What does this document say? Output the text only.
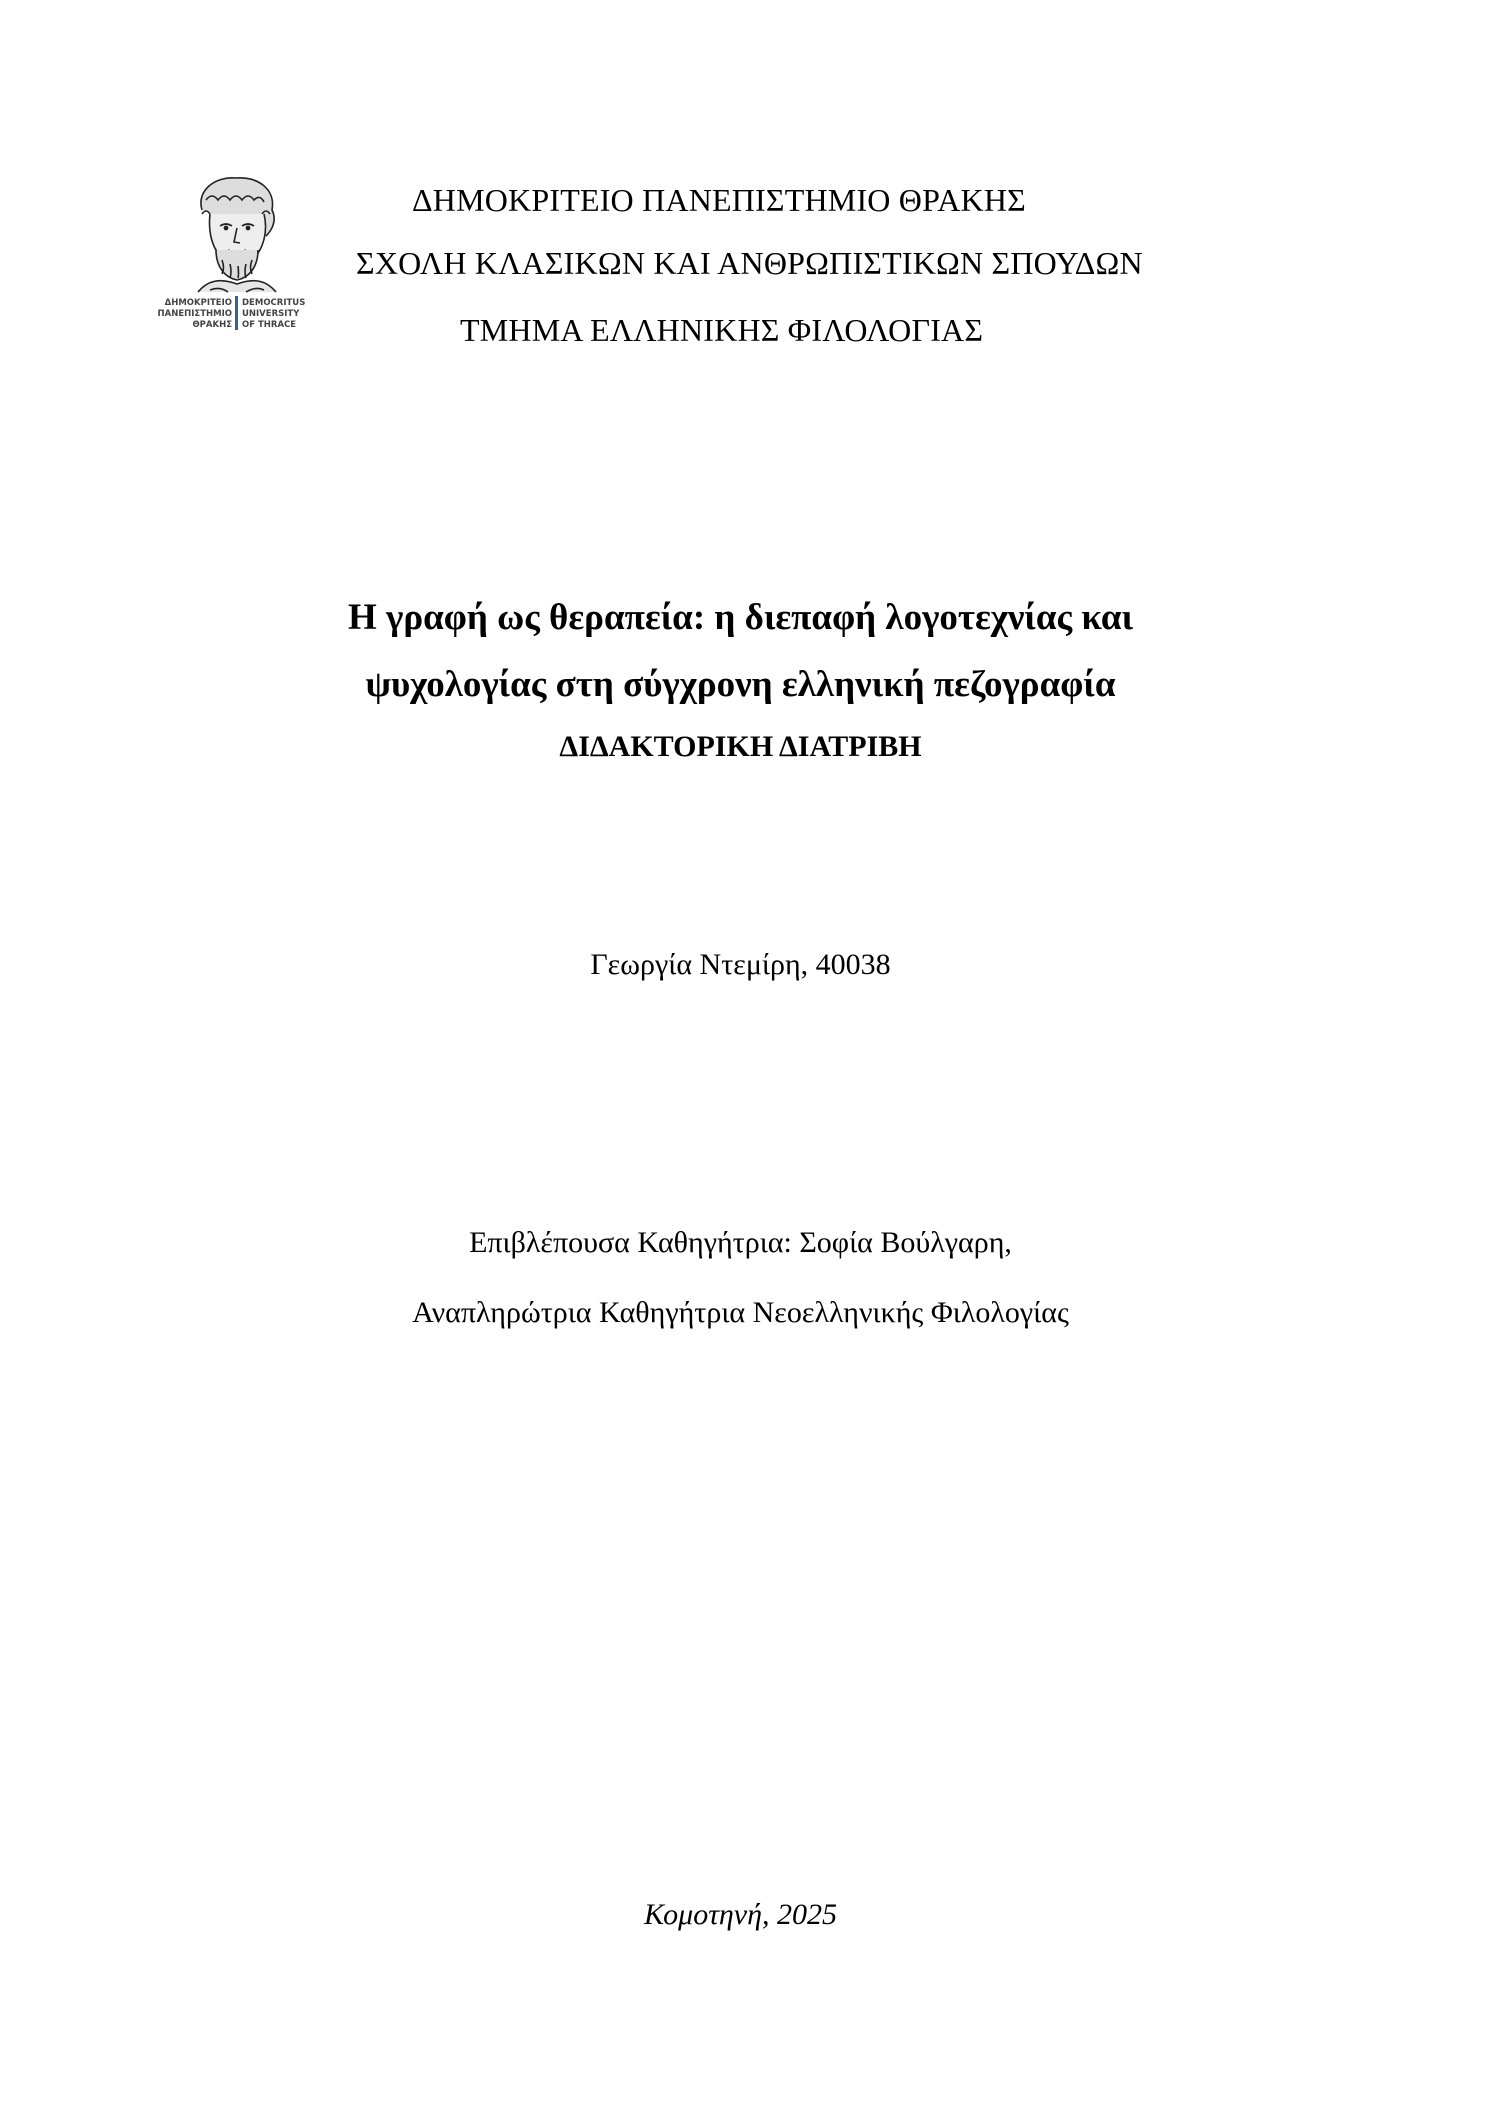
ΔΗΜΟΚΡΙΤΕΙΟ
ΠΑΝΕΠΙΣΤΗΜΙΟ
ΘΡΑΚΗΣ
DEMOCRITUS
UNIVERSITY
OF THRACE
ΔΗΜΟΚΡΙΤΕΙΟ ΠΑΝΕΠΙΣΤΗΜΙΟ ΘΡΑΚΗΣ
ΣΧΟΛΗ ΚΛΑΣΙΚΩΝ ΚΑΙ ΑΝΘΡΩΠΙΣΤΙΚΩΝ ΣΠΟΥΔΩΝ
ΤΜΗΜΑ ΕΛΛΗΝΙΚΗΣ ΦΙΛΟΛΟΓΙΑΣ
Η γραφή ως θεραπεία: η διεπαφή λογοτεχνίας και
ψυχολογίας στη σύγχρονη ελληνική πεζογραφία
ΔΙΔΑΚΤΟΡΙΚΗ ΔΙΑΤΡΙΒΗ
Γεωργία Ντεμίρη, 40038
Επιβλέπουσα Καθηγήτρια: Σοφία Βούλγαρη,
Αναπληρώτρια Καθηγήτρια Νεοελληνικής Φιλολογίας
Κομοτηνή, 2025
